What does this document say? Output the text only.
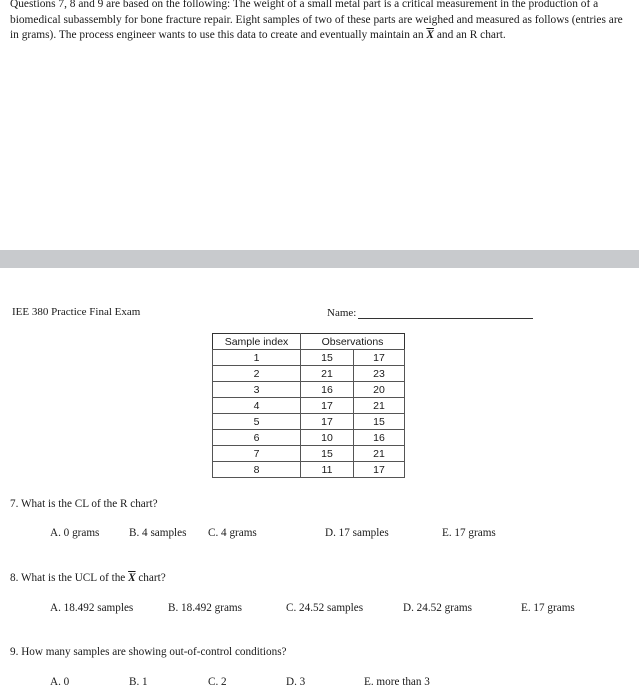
Questions 7, 8 and 9 are based on the following: The weight of a small metal part is a critical measurement in the production of a biomedical subassembly for bone fracture repair. Eight samples of two of these parts are weighed and measured as follows (entries are in grams). The process engineer wants to use this data to create and eventually maintain an $\overline{X}$ and an R chart.
IEE 380 Practice Final Exam	Name:
Sample index	Observations	
1	15	17
2	21	23
3	16	20
4	17	21
5	17	15
6	10	16
7	15	21
8	11	17
7. What is the CL of the R chart?
A. 0 grams	B. 4 samples C. 4 grams	D. 17 samples	E. 17 grams
8. What is the UCL of the $\overline{X}$ chart?
A. 18.492 samples	B. 18.492 grams	C. 24.52 samples	D. 24.52 grams	E. 17 grams
9. How many samples are showing out-of-control conditions?
A. 0	B. 1	C. 2	D. 3	E. more than 3
